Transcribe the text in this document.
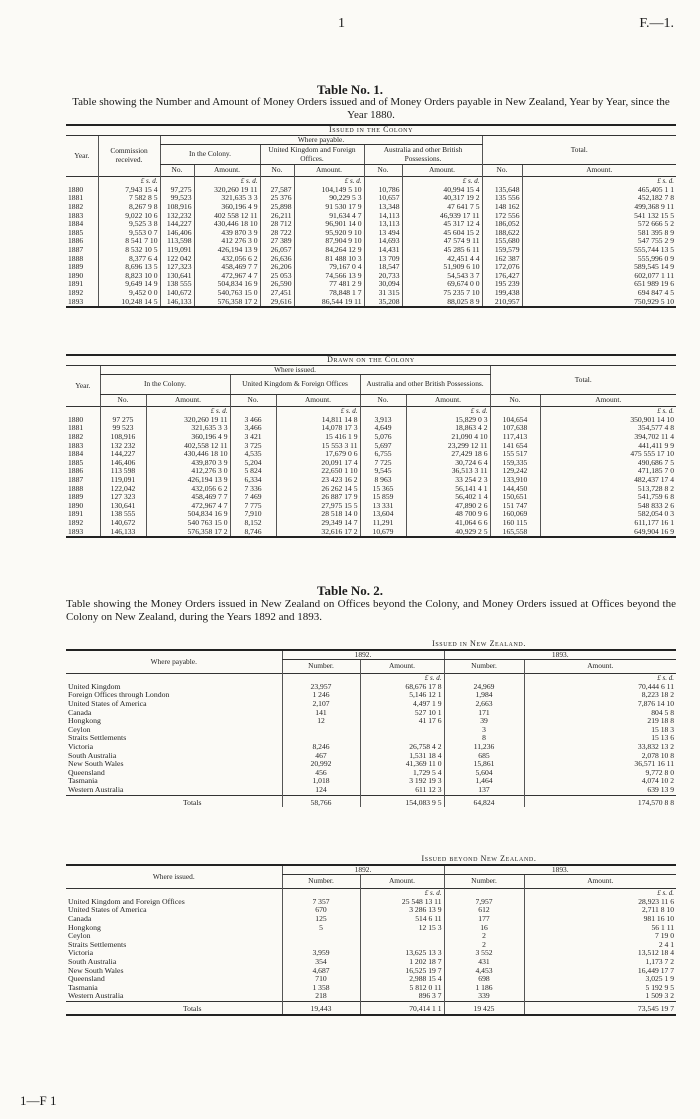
1	F.—1.
Table No. 1.
Table showing the Number and Amount of Money Orders issued and of Money Orders payable in New Zealand, Year by Year, since the Year 1880.
Issued in the Colony									
Year.	Commission received.	Where payable.						Total.	
		In the Colony.		United Kingdom and Foreign Offices.		Australia and other British Possessions.			
		No.	Amount.	No.	Amount.	No.	Amount.	No.	Amount.
	£ s. d.		£ s. d.		£ s. d.		£ s. d.		£ s. d.
1880	7,943 15 4	97,275	320,260 19 11	27,587	104,149 5 10	10,786	40,994 15 4	135,648	465,405 1 1
1881	7 582 8 5	99,523	321,635 3 3	25 376	90,229 5 3	10,657	40,317 19 2	135 556	452,182 7 8
1882	8,267 9 8	108,916	360,196 4 9	25,898	91 530 17 9	13,348	47 641 7 5	148 162	499,368 9 11
1883	9,022 10 6	132,232	402 558 12 11	26,211	91,634 4 7	14,113	46,939 17 11	172 556	541 132 15 5
1884	9,525 3 8	144,227	430,446 18 10	28 712	96,901 14 0	13,113	45 317 12 4	186,052	572 666 5 2
1885	9,553 0 7	146,406	439 870 3 9	28 722	95,920 9 10	13 494	45 604 15 2	188,622	581 395 8 9
1886	8 541 7 10	113,598	412 276 3 0	27 389	87,904 9 10	14,693	47 574 9 11	155,680	547 755 2 9
1887	8 532 10 5	119,091	426,194 13 9	26,057	84,264 12 9	14,431	45 285 6 11	159,579	555,744 13 5
1888	8,377 6 4	122 042	432,056 6 2	26,636	81 488 10 3	13 709	42,451 4 4	162 387	555,996 0 9
1889	8,696 13 5	127,323	458,469 7 7	26,206	79,167 0 4	18,547	51,909 6 10	172,076	589,545 14 9
1890	8,823 10 0	130,641	472,967 4 7	25 053	74,566 13 9	20,733	54,543 3 7	176,427	602,077 1 11
1891	9,649 14 9	138 555	504,834 16 9	26,590	77 481 2 9	30,094	69,674 0 0	195 239	651 989 19 6
1892	9,452 0 0	140,672	540,763 15 0	27,451	78,848 1 7	31 315	75 235 7 10	199,438	694 847 4 5
1893	10,248 14 5	146,133	576,358 17 2	29,616	86,544 19 11	35,208	88,025 8 9	210,957	750,929 5 10
Drawn on the Colony								
Year.	Where issued.						Total.	
	In the Colony.		United Kingdom & Foreign Offices		Australia and other British Possessions.			
	No.	Amount.	No.	Amount.	No.	Amount.	No.	Amount.
		£ s. d.		£ s. d.		£ s. d.		£ s. d.
1880	97 275	320,260 19 11	3 466	14,811 14 8	3,913	15,829 0 3	104,654	350,901 14 10
1881	99 523	321,635 3 3	3,466	14,078 17 3	4,649	18,863 4 2	107,638	354,577 4 8
1882	108,916	360,196 4 9	3 421	15 416 1 9	5,076	21,090 4 10	117,413	394,702 11 4
1883	132 232	402,558 12 11	3 725	15 553 3 11	5,697	23,299 12 11	141 654	441,411 9 9
1884	144,227	430,446 18 10	4,535	17,679 0 6	6,755	27,429 18 6	155 517	475 555 17 10
1885	146,406	439,870 3 9	5,204	20,091 17 4	7 725	30,724 6 4	159,335	490,686 7 5
1886	113 598	412,276 3 0	5 824	22,650 1 10	9,545	36,513 3 11	129,242	471,185 7 0
1887	119,091	426,194 13 9	6,334	23 423 16 2	8 963	33 254 2 3	133,910	482,437 17 4
1888	122,042	432,056 6 2	7 336	26 262 14 5	15 365	56,141 4 1	144,450	513,728 8 2
1889	127 323	458,469 7 7	7 469	26 887 17 9	15 859	56,402 1 4	150,651	541,759 6 8
1890	130,641	472,967 4 7	7 775	27,975 15 5	13 331	47,890 2 6	151 747	548 833 2 6
1891	138 555	504,834 16 9	7,910	28 518 14 0	13,604	48 700 9 6	160,069	582,054 0 3
1892	140,672	540 763 15 0	8,152	29,349 14 7	11,291	41,064 6 6	160 115	611,177 16 1
1893	146,133	576,358 17 2	8,746	32,616 17 2	10,679	40,929 2 5	165,558	649,904 16 9
Table No. 2.
Table showing the Money Orders issued in New Zealand on Offices beyond the Colony, and Money Orders issued at Offices beyond the Colony on New Zealand, during the Years 1892 and 1893.
	Issued in New Zealand.			
Where payable.	1892.		1893.	
	Number.	Amount.	Number.	Amount.
		£ s. d.		£ s. d.
United Kingdom	23,957	68,676 17 8	24,969	70,444 6 11
Foreign Offices through London	1 246	5,146 12 1	1,984	8,223 18 2
United States of America	2,107	4,497 1 9	2,663	7,876 14 10
Canada	141	527 10 1	171	804 5 8
Hongkong	12	41 17 6	39	219 18 8
Ceylon			3	15 18 3
Straits Settlements			8	15 13 6
Victoria	8,246	26,758 4 2	11,236	33,832 13 2
South Australia	467	1,531 18 4	685	2,078 10 8
New South Wales	20,992	41,369 11 0	15,861	36,571 16 11
Queensland	456	1,729 5 4	5,604	9,772 8 0
Tasmania	1,018	3 192 19 3	1,464	4,074 10 2
Western Australia	124	611 12 3	137	639 13 9
Totals	58,766	154,083 9 5	64,824	174,570 8 8
	Issued beyond New Zealand.			
Where issued.	1892.		1893.	
	Number.	Amount.	Number.	Amount.
		£ s. d.		£ s. d.
United Kingdom and Foreign Offices	7 357	25 548 13 11	7,957	28,923 11 6
United States of America	670	3 286 13 9	612	2,711 8 10
Canada	125	514 6 11	177	981 16 10
Hongkong	5	12 15 3	16	56 1 11
Ceylon			2	7 19 0
Straits Settlements			2	2 4 1
Victoria	3,959	13,625 13 3	3 552	13,512 18 4
South Australia	354	1 202 18 7	431	1,173 7 2
New South Wales	4,687	16,525 19 7	4,453	16,449 17 7
Queensland	710	2,988 15 4	698	3,025 1 9
Tasmania	1 358	5 812 0 11	1 186	5 192 9 5
Western Australia	218	896 3 7	339	1 509 3 2
Totals	19,443	70,414 1 1	19 425	73,545 19 7
1—F 1
